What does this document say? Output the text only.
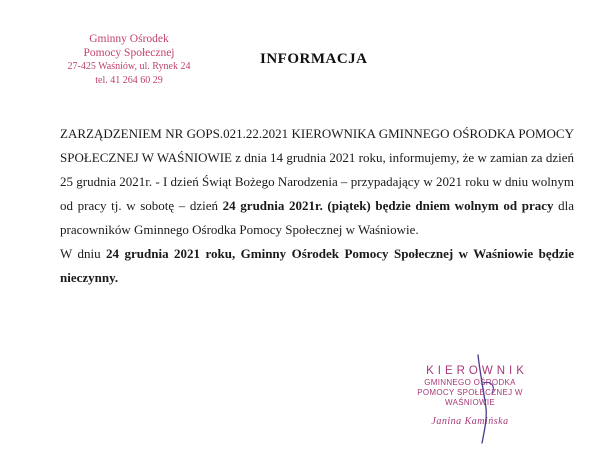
Gminny Ośrodek
Pomocy Społecznej
27-425 Waśniów, ul. Rynek 24
tel. 41 264 60 29
INFORMACJA

ZARZĄDZENIEM NR GOPS.021.22.2021 KIEROWNIKA GMINNEGO OŚRODKA POMOCY SPOŁECZNEJ W WAŚNIOWIE z dnia 14 grudnia 2021 roku, informujemy, że w zamian za dzień 25 grudnia 2021r. - I dzień Świąt Bożego Narodzenia – przypadający w 2021 roku w dniu wolnym od pracy tj. w sobotę – dzień 24 grudnia 2021r. (piątek) będzie dniem wolnym od pracy dla pracowników Gminnego Ośrodka Pomocy Społecznej w Waśniowie.

W dniu 24 grudnia 2021 roku, Gminny Ośrodek Pomocy Społecznej w Waśniowie będzie nieczynny.

KIEROWNIK
GMINNEGO OŚRODKA
POMOCY SPOŁECZNEJ W WAŚNIOWIE
Janina Kamińska
